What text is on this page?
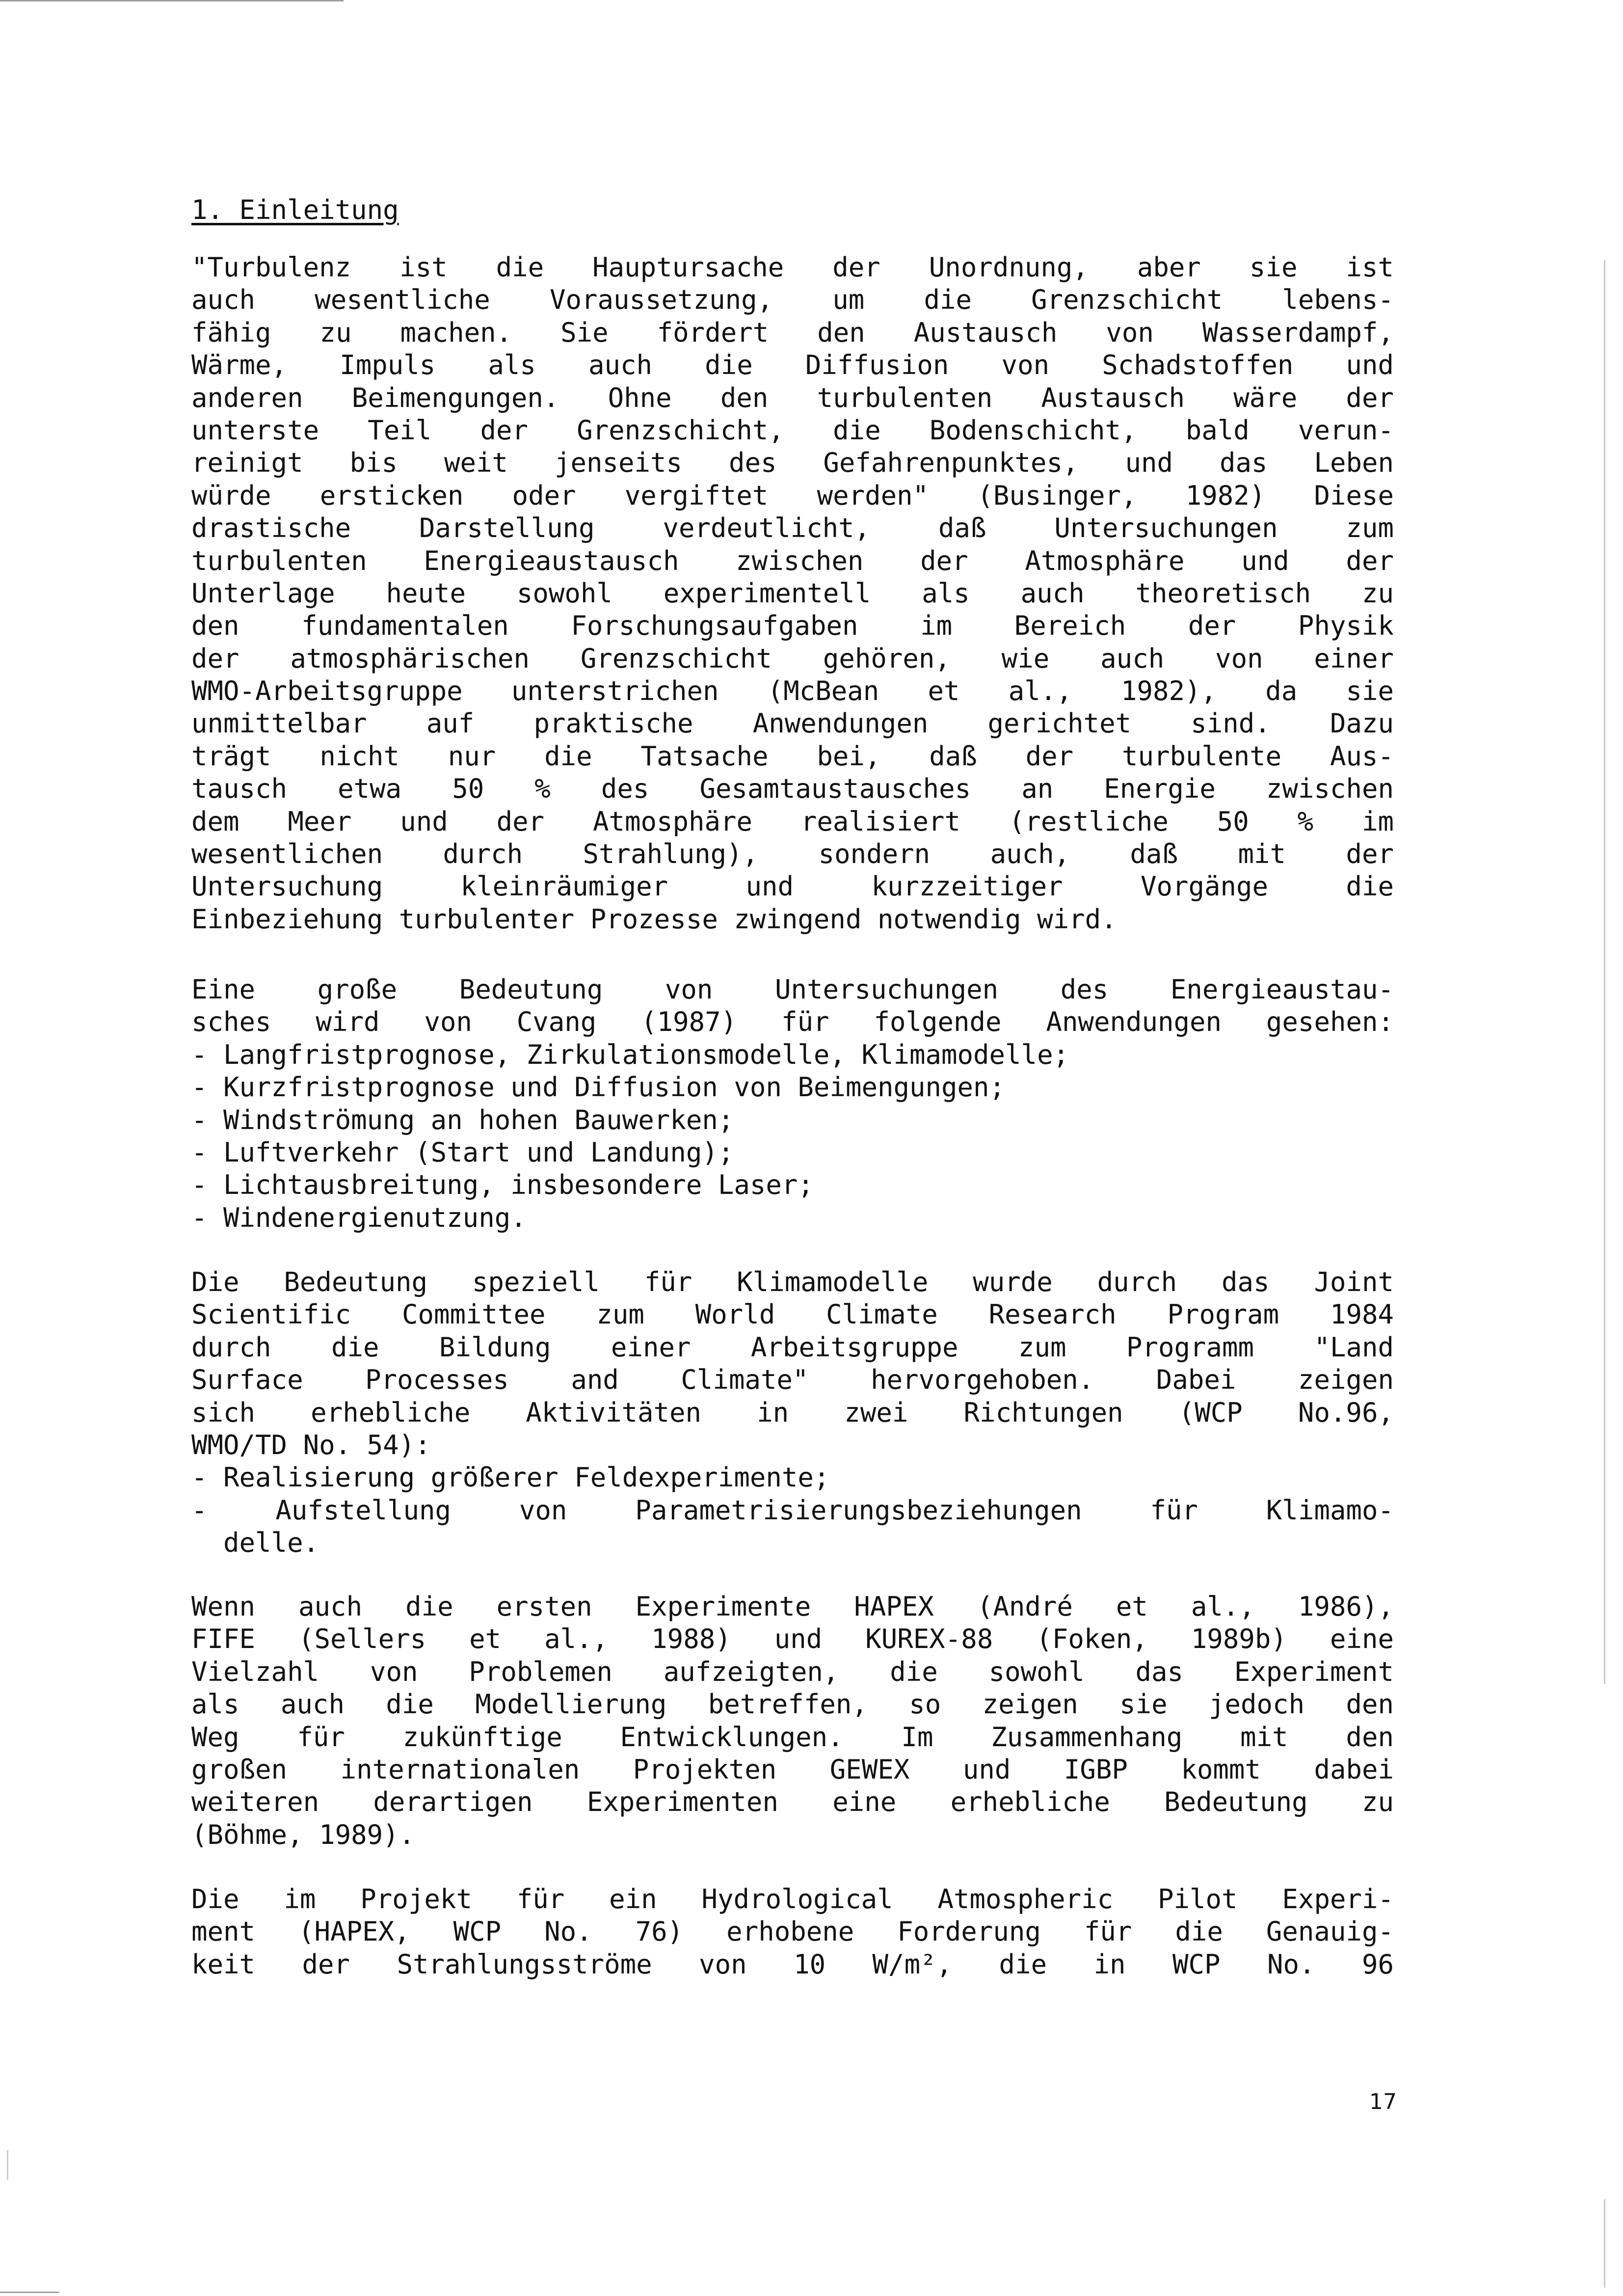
1. Einleitung
"Turbulenz ist die Hauptursache der Unordnung, aber sie ist
auch wesentliche Voraussetzung, um die Grenzschicht lebens-
fähig zu machen. Sie fördert den Austausch von Wasserdampf,
Wärme, Impuls als auch die Diffusion von Schadstoffen und
anderen Beimengungen. Ohne den turbulenten Austausch wäre der
unterste Teil der Grenzschicht, die Bodenschicht, bald verun-
reinigt bis weit jenseits des Gefahrenpunktes, und das Leben
würde ersticken oder vergiftet werden" (Businger, 1982) Diese
drastische Darstellung verdeutlicht, daß Untersuchungen zum
turbulenten Energieaustausch zwischen der Atmosphäre und der
Unterlage heute sowohl experimentell als auch theoretisch zu
den fundamentalen Forschungsaufgaben im Bereich der Physik
der atmosphärischen Grenzschicht gehören, wie auch von einer
WMO-Arbeitsgruppe unterstrichen (McBean et al., 1982), da sie
unmittelbar auf praktische Anwendungen gerichtet sind. Dazu
trägt nicht nur die Tatsache bei, daß der turbulente Aus-
tausch etwa 50 % des Gesamtaustausches an Energie zwischen
dem Meer und der Atmosphäre realisiert (restliche 50 % im
wesentlichen durch Strahlung), sondern auch, daß mit der
Untersuchung kleinräumiger und kurzzeitiger Vorgänge die
Einbeziehung turbulenter Prozesse zwingend notwendig wird.
Eine große Bedeutung von Untersuchungen des Energieaustau-
sches wird von Cvang (1987) für folgende Anwendungen gesehen:
- Langfristprognose, Zirkulationsmodelle, Klimamodelle;
- Kurzfristprognose und Diffusion von Beimengungen;
- Windströmung an hohen Bauwerken;
- Luftverkehr (Start und Landung);
- Lichtausbreitung, insbesondere Laser;
- Windenergienutzung.
Die Bedeutung speziell für Klimamodelle wurde durch das Joint
Scientific Committee zum World Climate Research Program 1984
durch die Bildung einer Arbeitsgruppe zum Programm "Land
Surface Processes and Climate" hervorgehoben. Dabei zeigen
sich erhebliche Aktivitäten in zwei Richtungen (WCP No.96,
WMO/TD No. 54):
- Realisierung größerer Feldexperimente;
- Aufstellung von Parametrisierungsbeziehungen für Klimamo-
delle.
Wenn auch die ersten Experimente HAPEX (André et al., 1986),
FIFE (Sellers et al., 1988) und KUREX-88 (Foken, 1989b) eine
Vielzahl von Problemen aufzeigten, die sowohl das Experiment
als auch die Modellierung betreffen, so zeigen sie jedoch den
Weg für zukünftige Entwicklungen. Im Zusammenhang mit den
großen internationalen Projekten GEWEX und IGBP kommt dabei
weiteren derartigen Experimenten eine erhebliche Bedeutung zu
(Böhme, 1989).
Die im Projekt für ein Hydrological Atmospheric Pilot Experi-
ment (HAPEX, WCP No. 76) erhobene Forderung für die Genauig-
keit der Strahlungsströme von 10 W/m², die in WCP No. 96
17
